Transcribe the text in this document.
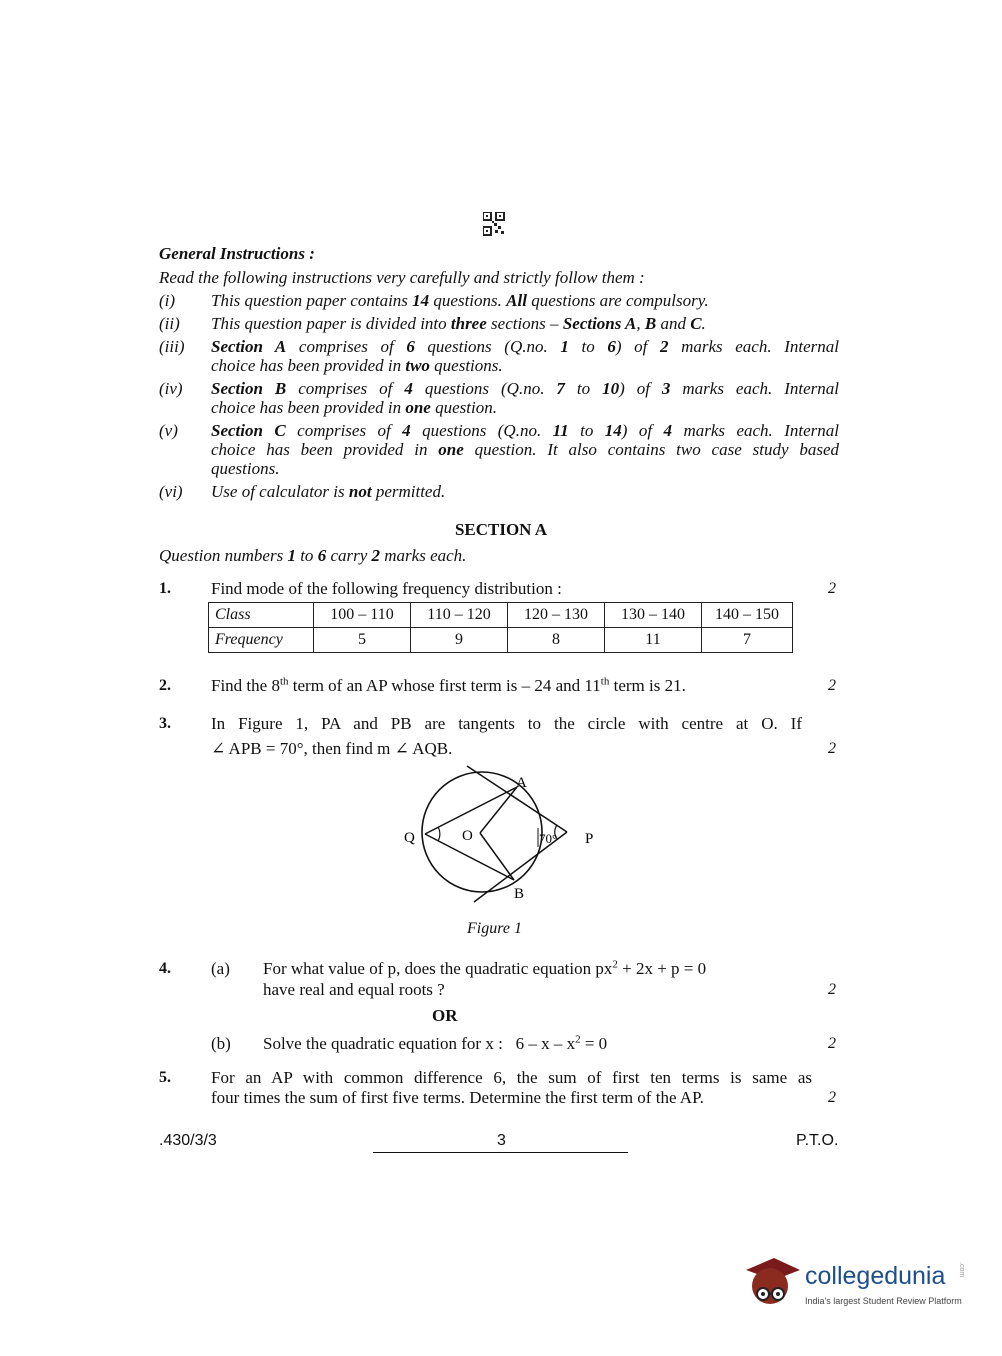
General Instructions :
Read the following instructions very carefully and strictly follow them :
(i) This question paper contains 14 questions. All questions are compulsory.
(ii) This question paper is divided into three sections – Sections A, B and C.
(iii) Section A comprises of 6 questions (Q.no. 1 to 6) of 2 marks each. Internal
choice has been provided in two questions.
(iv) Section B comprises of 4 questions (Q.no. 7 to 10) of 3 marks each. Internal
choice has been provided in one question.
(v) Section C comprises of 4 questions (Q.no. 11 to 14) of 4 marks each. Internal
choice has been provided in one question. It also contains two case study based
questions.
(vi) Use of calculator is not permitted.
SECTION A
Question numbers 1 to 6 carry 2 marks each.
1. Find mode of the following frequency distribution :	2
Class	100 – 110	110 – 120	120 – 130	130 – 140	140 – 150
Frequency	5	9	8	11	7
2. Find the 8th term of an AP whose first term is – 24 and 11th term is 21.	2
3. In Figure 1, PA and PB are tangents to the circle with centre at O. If
∠ APB = 70°, then find m ∠ AQB.	2
A
B
O	P
Q	70°
Figure 1
4. (a) For what value of p, does the quadratic equation $px^2 + 2x + p = 0$
have real and equal roots ?	2
OR
(b) Solve the quadratic equation for x :   $6 - x - x^2 = 0$	2
5. For an AP with common difference 6, the sum of first ten terms is same as
four times the sum of first five terms. Determine the first term of the AP.	2
.430/3/3	3	P.T.O.
collegedunia .com
India's largest Student Review Platform
